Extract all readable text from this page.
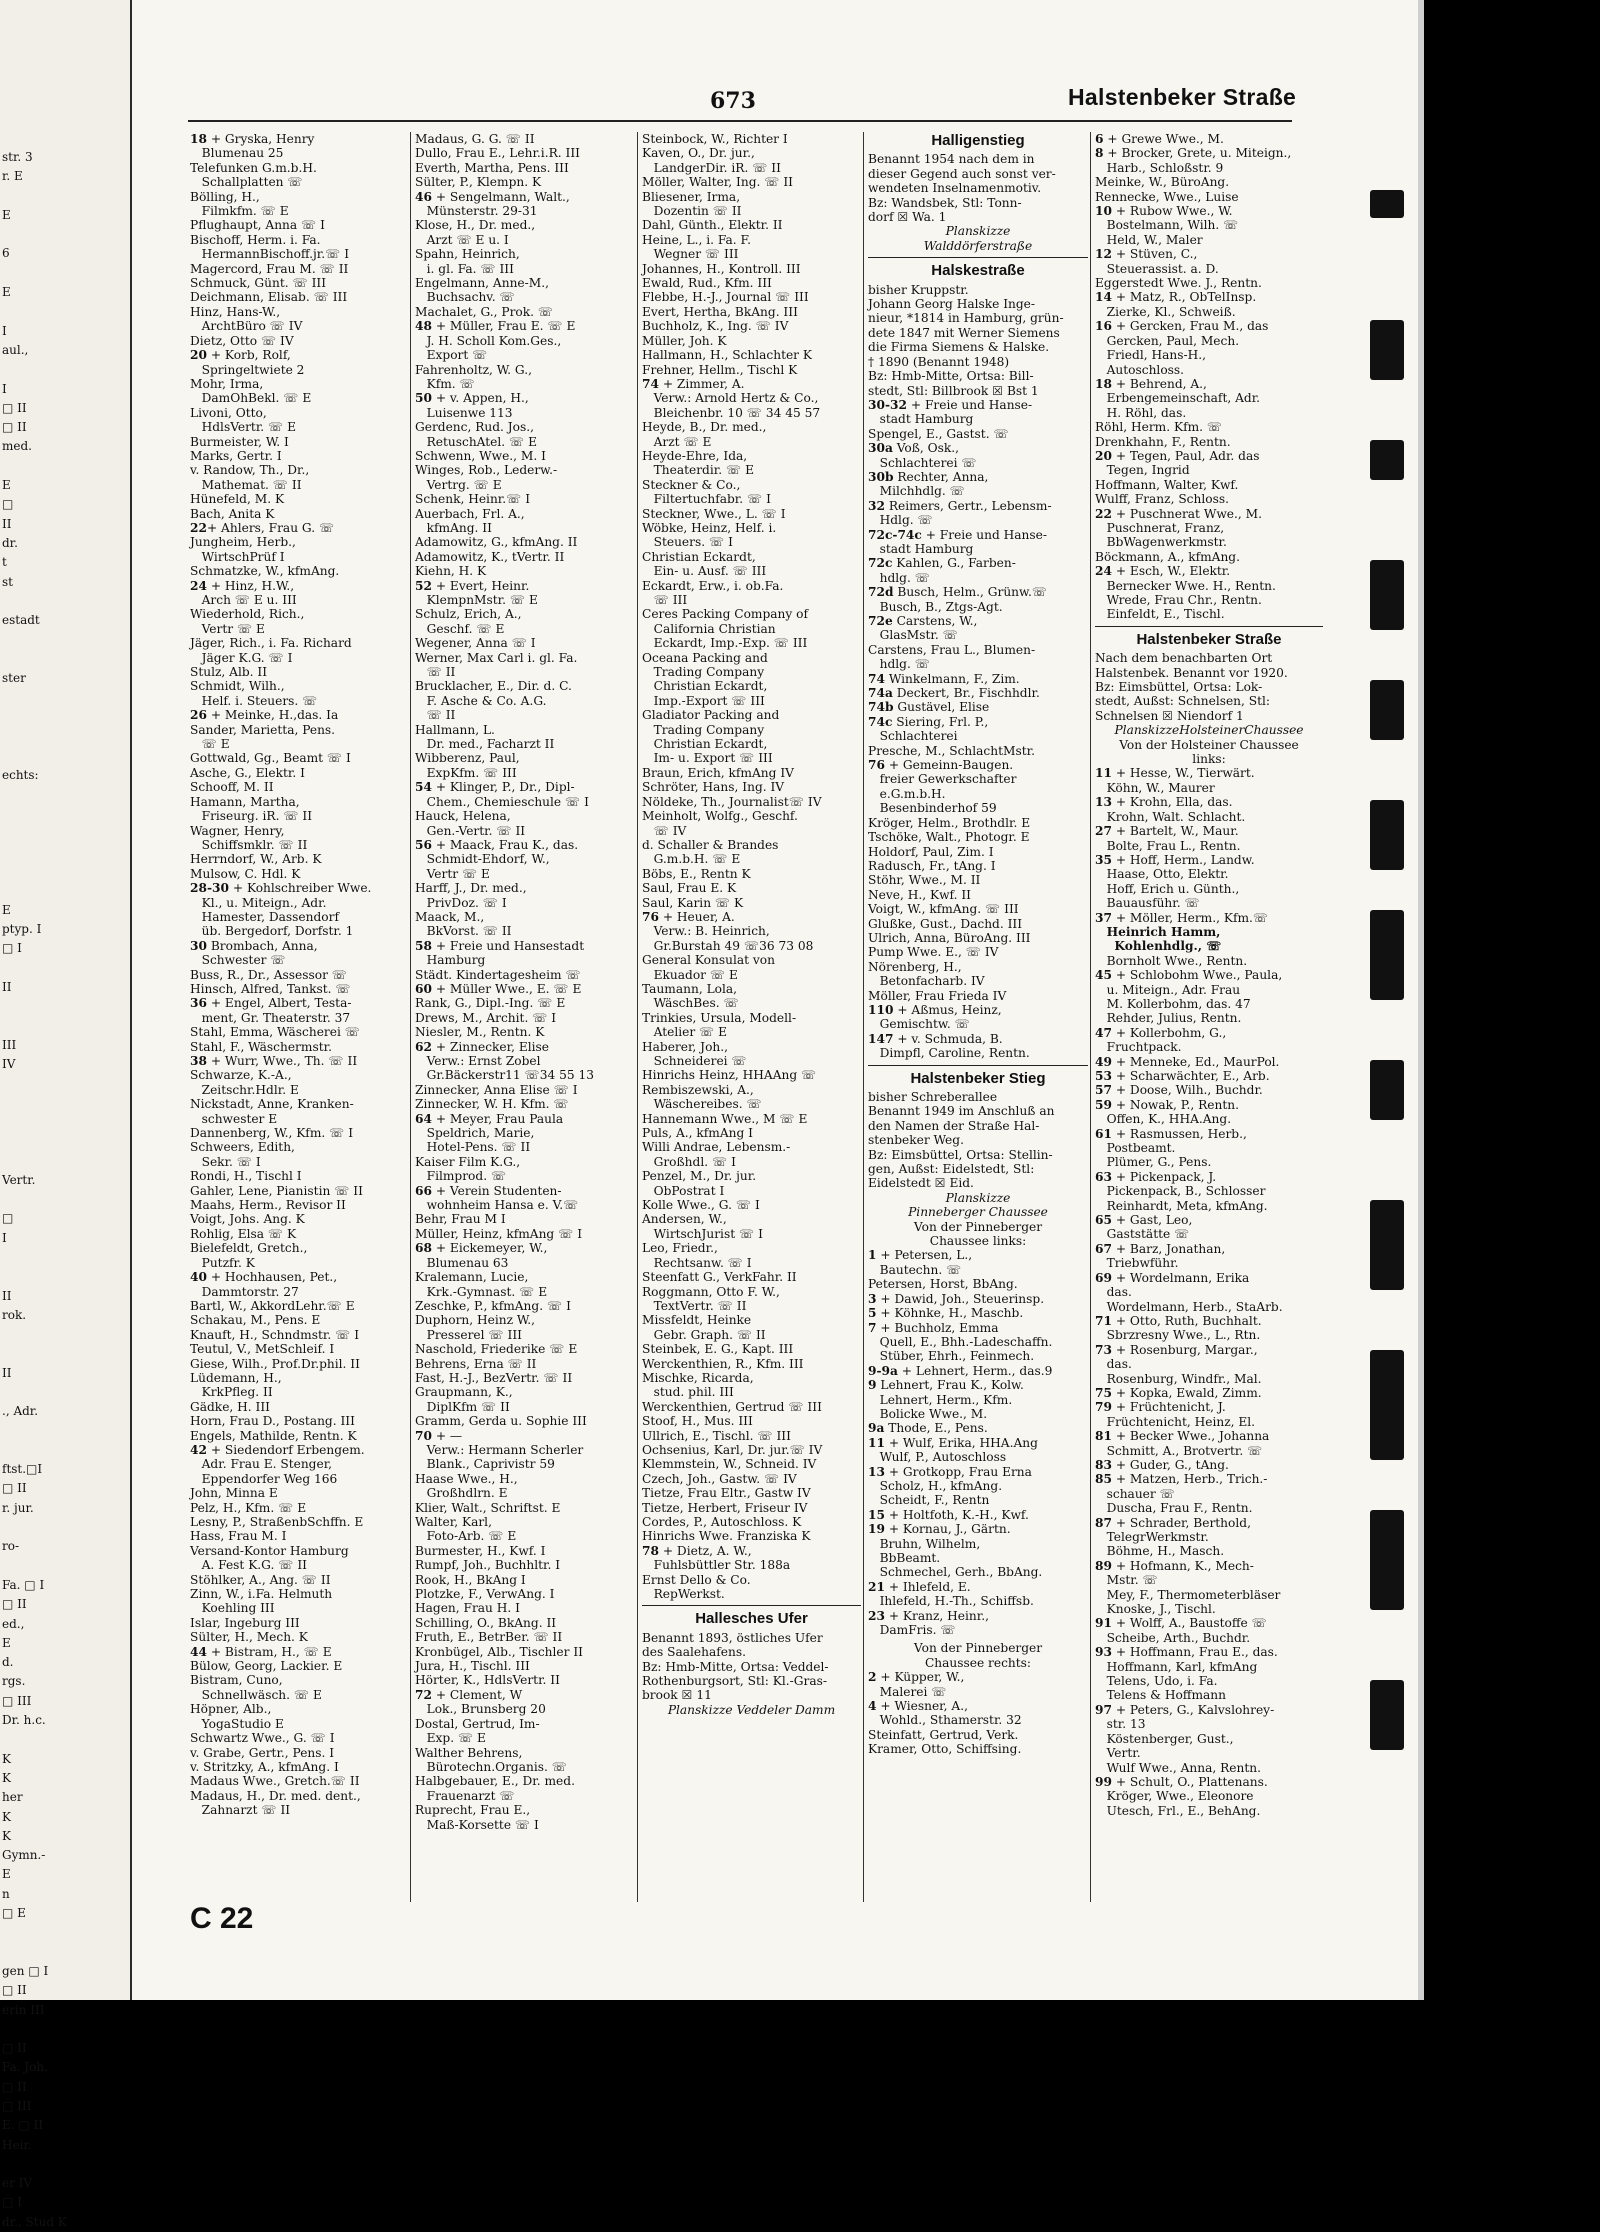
str. 3
r. E

E

6

E

I
aul.,

I
□ II
□ II
med.

E
□
II
dr.
t
st

estadt

ster

echts:

E
ptyp. I
□ I

II

III
IV

Vertr.

□
I

II
rok.

II

., Adr.

ftst.□I
□ II
r. jur.

ro-

Fa. □ I
□ II
ed.,
E
d.
rgs.
□ III
Dr. h.c.

K
K
her
K
K
Gymn.-
E
n
□ E

gen □ I
□ II
erin III

□ II
Fa. Joh.
□ II
□ III
E. □ II
Heir.

er IV
□ I
dr., Stud K
673	Halstenbeker Straße
18 + Gryska, Henry
Blumenau 25
Telefunken G.m.b.H.
Schallplatten ☏
Bölling, H.,
Filmkfm. ☏ E
Pflughaupt, Anna ☏ I
Bischoff, Herm. i. Fa.
HermannBischoff.jr.☏ I
Magercord, Frau M. ☏ II
Schmuck, Günt. ☏ III
Deichmann, Elisab. ☏ III
Hinz, Hans-W.,
ArchtBüro ☏ IV
Dietz, Otto ☏ IV
20 + Korb, Rolf,
Springeltwiete 2
Mohr, Irma,
DamOhBekl. ☏ E
Livoni, Otto,
HdlsVertr. ☏ E
Burmeister, W. I
Marks, Gertr. I
v. Randow, Th., Dr.,
Mathemat. ☏ II
Hünefeld, M. K
Bach, Anita K
22+ Ahlers, Frau G. ☏
Jungheim, Herb.,
WirtschPrüf I
Schmatzke, W., kfmAng.
24 + Hinz, H.W.,
Arch ☏ E u. III
Wiederhold, Rich.,
Vertr ☏ E
Jäger, Rich., i. Fa. Richard
Jäger K.G. ☏ I
Stulz, Alb. II
Schmidt, Wilh.,
Helf. i. Steuers. ☏
26 + Meinke, H.,das. Ia
Sander, Marietta, Pens.
☏ E
Gottwald, Gg., Beamt ☏ I
Asche, G., Elektr. I
Schooff, M. II
Hamann, Martha,
Friseurg. iR. ☏ II
Wagner, Henry,
Schiffsmklr. ☏ II
Herrndorf, W., Arb. K
Mulsow, C. Hdl. K
28-30 + Kohlschreiber Wwe.
Kl., u. Miteign., Adr.
Hamester, Dassendorf
üb. Bergedorf, Dorfstr. 1
30 Brombach, Anna,
Schwester ☏
Buss, R., Dr., Assessor ☏
Hinsch, Alfred, Tankst. ☏
36 + Engel, Albert, Testa-
ment, Gr. Theaterstr. 37
Stahl, Emma, Wäscherei ☏
Stahl, F., Wäschermstr.
38 + Wurr, Wwe., Th. ☏ II
Schwarze, K.-A.,
Zeitschr.Hdlr. E
Nickstadt, Anne, Kranken-
schwester E
Dannenberg, W., Kfm. ☏ I
Schweers, Edith,
Sekr. ☏ I
Rondi, H., Tischl I
Gahler, Lene, Pianistin ☏ II
Maahs, Herm., Revisor II
Voigt, Johs. Ang. K
Rohlig, Elsa ☏ K
Bielefeldt, Gretch.,
Putzfr. K
40 + Hochhausen, Pet.,
Dammtorstr. 27
Bartl, W., AkkordLehr.☏ E
Schakau, M., Pens. E
Knauft, H., Schndmstr. ☏ I
Teutul, V., MetSchleif. I
Giese, Wilh., Prof.Dr.phil. II
Lüdemann, H.,
KrkPfleg. II
Gädke, H. III
Horn, Frau D., Postang. III
Engels, Mathilde, Rentn. K
42 + Siedendorf Erbengem.
Adr. Frau E. Stenger,
Eppendorfer Weg 166
John, Minna E
Pelz, H., Kfm. ☏ E
Lesny, P., StraßenbSchffn. E
Hass, Frau M. I
Versand-Kontor Hamburg
A. Fest K.G. ☏ II
Stöhlker, A., Ang. ☏ II
Zinn, W., i.Fa. Helmuth
Koehling III
Islar, Ingeburg III
Sülter, H., Mech. K
44 + Bistram, H., ☏ E
Bülow, Georg, Lackier. E
Bistram, Cuno,
Schnellwäsch. ☏ E
Höpner, Alb.,
YogaStudio E
Schwartz Wwe., G. ☏ I
v. Grabe, Gertr., Pens. I
v. Stritzky, A., kfmAng. I
Madaus Wwe., Gretch.☏ II
Madaus, H., Dr. med. dent.,
Zahnarzt ☏ II
Madaus, G. G. ☏ II
Dullo, Frau E., Lehr.i.R. III
Everth, Martha, Pens. III
Sülter, P., Klempn. K
46 + Sengelmann, Walt.,
Münsterstr. 29-31
Klose, H., Dr. med.,
Arzt ☏ E u. I
Spahn, Heinrich,
i. gl. Fa. ☏ III
Engelmann, Anne-M.,
Buchsachv. ☏
Machalet, G., Prok. ☏
48 + Müller, Frau E. ☏ E
J. H. Scholl Kom.Ges.,
Export ☏
Fahrenholtz, W. G.,
Kfm. ☏
50 + v. Appen, H.,
Luisenwe 113
Gerdenc, Rud. Jos.,
RetuschAtel. ☏ E
Schwenn, Wwe., M. I
Winges, Rob., Lederw.-
Vertrg. ☏ E
Schenk, Heinr.☏ I
Auerbach, Frl. A.,
kfmAng. II
Adamowitz, G., kfmAng. II
Adamowitz, K., tVertr. II
Kiehn, H. K
52 + Evert, Heinr.
KlempnMstr. ☏ E
Schulz, Erich, A.,
Geschf. ☏ E
Wegener, Anna ☏ I
Werner, Max Carl i. gl. Fa.
☏ II
Brucklacher, E., Dir. d. C.
F. Asche & Co. A.G.
☏ II
Hallmann, L.
Dr. med., Facharzt II
Wibberenz, Paul,
ExpKfm. ☏ III
54 + Klinger, P., Dr., Dipl-
Chem., Chemieschule ☏ I
Hauck, Helena,
Gen.-Vertr. ☏ II
56 + Maack, Frau K., das.
Schmidt-Ehdorf, W.,
Vertr ☏ E
Harff, J., Dr. med.,
PrivDoz. ☏ I
Maack, M.,
BkVorst. ☏ II
58 + Freie und Hansestadt
Hamburg
Städt. Kindertagesheim ☏
60 + Müller Wwe., E. ☏ E
Rank, G., Dipl.-Ing. ☏ E
Drews, M., Archit. ☏ I
Niesler, M., Rentn. K
62 + Zinnecker, Elise
Verw.: Ernst Zobel
Gr.Bäckerstr11 ☏34 55 13
Zinnecker, Anna Elise ☏ I
Zinnecker, W. H. Kfm. ☏
64 + Meyer, Frau Paula
Speldrich, Marie,
Hotel-Pens. ☏ II
Kaiser Film K.G.,
Filmprod. ☏
66 + Verein Studenten-
wohnheim Hansa e. V.☏
Behr, Frau M I
Müller, Heinz, kfmAng ☏ I
68 + Eickemeyer, W.,
Blumenau 63
Kralemann, Lucie,
Krk.-Gymnast. ☏ E
Zeschke, P., kfmAng. ☏ I
Duphorn, Heinz W.,
Presserel ☏ III
Naschold, Friederike ☏ E
Behrens, Erna ☏ II
Fast, H.-J., BezVertr. ☏ II
Graupmann, K.,
DiplKfm ☏ II
Gramm, Gerda u. Sophie III
70 + —
Verw.: Hermann Scherler
Blank., Caprivistr 59
Haase Wwe., H.,
Großhdlrn. E
Klier, Walt., Schriftst. E
Walter, Karl,
Foto-Arb. ☏ E
Burmester, H., Kwf. I
Rumpf, Joh., Buchhltr. I
Rook, H., BkAng I
Plotzke, F., VerwAng. I
Hagen, Frau H. I
Schilling, O., BkAng. II
Fruth, E., BetrBer. ☏ II
Kronbügel, Alb., Tischler II
Jura, H., Tischl. III
Hörter, K., HdlsVertr. II
72 + Clement, W
Lok., Brunsberg 20
Dostal, Gertrud, Im-
Exp. ☏ E
Walther Behrens,
Bürotechn.Organis. ☏
Halbgebauer, E., Dr. med.
Frauenarzt ☏
Ruprecht, Frau E.,
Maß-Korsette ☏ I
Steinbock, W., Richter I
Kaven, O., Dr. jur.,
LandgerDir. iR. ☏ II
Möller, Walter, Ing. ☏ II
Bliesener, Irma,
Dozentin ☏ II
Dahl, Günth., Elektr. II
Heine, L., i. Fa. F.
Wegner ☏ III
Johannes, H., Kontroll. III
Ewald, Rud., Kfm. III
Flebbe, H.-J., Journal ☏ III
Evert, Hertha, BkAng. III
Buchholz, K., Ing. ☏ IV
Müller, Joh. K
Hallmann, H., Schlachter K
Frehner, Hellm., Tischl K
74 + Zimmer, A.
Verw.: Arnold Hertz & Co.,
Bleichenbr. 10 ☏ 34 45 57
Heyde, B., Dr. med.,
Arzt ☏ E
Heyde-Ehre, Ida,
Theaterdir. ☏ E
Steckner & Co.,
Filtertuchfabr. ☏ I
Steckner, Wwe., L. ☏ I
Wöbke, Heinz, Helf. i.
Steuers. ☏ I
Christian Eckardt,
Ein- u. Ausf. ☏ III
Eckardt, Erw., i. ob.Fa.
☏ III
Ceres Packing Company of
California Christian
Eckardt, Imp.-Exp. ☏ III
Oceana Packing and
Trading Company
Christian Eckardt,
Imp.-Export ☏ III
Gladiator Packing and
Trading Company
Christian Eckardt,
Im- u. Export ☏ III
Braun, Erich, kfmAng IV
Schröter, Hans, Ing. IV
Nöldeke, Th., Journalist☏ IV
Meinholt, Wolfg., Geschf.
☏ IV
d. Schaller & Brandes
G.m.b.H. ☏ E
Böbs, E., Rentn K
Saul, Frau E. K
Saul, Karin ☏ K
76 + Heuer, A.
Verw.: B. Heinrich,
Gr.Burstah 49 ☏36 73 08
General Konsulat von
Ekuador ☏ E
Taumann, Lola,
WäschBes. ☏
Trinkies, Ursula, Modell-
Atelier ☏ E
Haberer, Joh.,
Schneiderei ☏
Hinrichs Heinz, HHAAng ☏
Rembiszewski, A.,
Wäschereibes. ☏
Hannemann Wwe., M ☏ E
Puls, A., kfmAng I
Willi Andrae, Lebensm.-
Großhdl. ☏ I
Penzel, M., Dr. jur.
ObPostrat I
Kolle Wwe., G. ☏ I
Andersen, W.,
WirtschJurist ☏ I
Leo, Friedr.,
Rechtsanw. ☏ I
Steenfatt G., VerkFahr. II
Roggmann, Otto F. W.,
TextVertr. ☏ II
Missfeldt, Heinke
Gebr. Graph. ☏ II
Steinbek, E. G., Kapt. III
Werckenthien, R., Kfm. III
Mischke, Ricarda,
stud. phil. III
Werckenthien, Gertrud ☏ III
Stoof, H., Mus. III
Ullrich, E., Tischl. ☏ III
Ochsenius, Karl, Dr. jur.☏ IV
Klemmstein, W., Schneid. IV
Czech, Joh., Gastw. ☏ IV
Tietze, Frau Eltr., Gastw IV
Tietze, Herbert, Friseur IV
Cordes, P., Autoschloss. K
Hinrichs Wwe. Franziska K
78 + Dietz, A. W.,
Fuhlsbüttler Str. 188a
Ernst Dello & Co.
RepWerkst.
Hallesches Ufer
Benannt 1893, östliches Ufer
des Saalehafens.
Bz: Hmb-Mitte, Ortsa: Veddel-
Rothenburgsort, Stl: Kl.-Gras-
brook ☒ 11
Planskizze Veddeler Damm
Halligenstieg
Benannt 1954 nach dem in
dieser Gegend auch sonst ver-
wendeten Inselnamenmotiv.
Bz: Wandsbek, Stl: Tonn-
dorf ☒ Wa. 1
Planskizze
Walddörferstraße
Halskestraße
bisher Kruppstr.
Johann Georg Halske Inge-
nieur, *1814 in Hamburg, grün-
dete 1847 mit Werner Siemens
die Firma Siemens & Halske.
† 1890 (Benannt 1948)
Bz: Hmb-Mitte, Ortsa: Bill-
stedt, Stl: Billbrook ☒ Bst 1
30-32 + Freie und Hanse-
stadt Hamburg
Spengel, E., Gastst. ☏
30a Voß, Osk.,
Schlachterei ☏
30b Rechter, Anna,
Milchhdlg. ☏
32 Reimers, Gertr., Lebensm-
Hdlg. ☏
72c-74c + Freie und Hanse-
stadt Hamburg
72c Kahlen, G., Farben-
hdlg. ☏
72d Busch, Helm., Grünw.☏
Busch, B., Ztgs-Agt.
72e Carstens, W.,
GlasMstr. ☏
Carstens, Frau L., Blumen-
hdlg. ☏
74 Winkelmann, F., Zim.
74a Deckert, Br., Fischhdlr.
74b Gustävel, Elise
74c Siering, Frl. P.,
Schlachterei
Presche, M., SchlachtMstr.
76 + Gemeinn-Baugen.
freier Gewerkschafter
e.G.m.b.H.
Besenbinderhof 59
Kröger, Helm., Brothdlr. E
Tschöke, Walt., Photogr. E
Holdorf, Paul, Zim. I
Radusch, Fr., tAng. I
Stöhr, Wwe., M. II
Neve, H., Kwf. II
Voigt, W., kfmAng. ☏ III
Glußke, Gust., Dachd. III
Ulrich, Anna, BüroAng. III
Pump Wwe. E., ☏ IV
Nörenberg, H.,
Betonfacharb. IV
Möller, Frau Frieda IV
110 + Aßmus, Heinz,
Gemischtw. ☏
147 + v. Schmuda, B.
Dimpfl, Caroline, Rentn.
Halstenbeker Stieg
bisher Schreberallee
Benannt 1949 im Anschluß an
den Namen der Straße Hal-
stenbeker Weg.
Bz: Eimsbüttel, Ortsa: Stellin-
gen, Außst: Eidelstedt, Stl:
Eidelstedt ☒ Eid.
Planskizze
Pinneberger Chaussee
Von der Pinneberger
Chaussee links:
1 + Petersen, L.,
Bautechn. ☏
Petersen, Horst, BbAng.
3 + Dawid, Joh., Steuerinsp.
5 + Köhnke, H., Maschb.
7 + Buchholz, Emma
Quell, E., Bhh.-Ladeschaffn.
Stüber, Ehrh., Feinmech.
9-9a + Lehnert, Herm., das.9
9 Lehnert, Frau K., Kolw.
Lehnert, Herm., Kfm.
Bolicke Wwe., M.
9a Thode, E., Pens.
11 + Wulf, Erika, HHA.Ang
Wulf, P., Autoschloss
13 + Grotkopp, Frau Erna
Scholz, H., kfmAng.
Scheidt, F., Rentn
15 + Holtfoth, K.-H., Kwf.
19 + Kornau, J., Gärtn.
Bruhn, Wilhelm,
BbBeamt.
Schmechel, Gerh., BbAng.
21 + Ihlefeld, E.
Ihlefeld, H.-Th., Schiffsb.
23 + Kranz, Heinr.,
DamFris. ☏
Von der Pinneberger
Chaussee rechts:
2 + Küpper, W.,
Malerei ☏
4 + Wiesner, A.,
Wohld., Sthamerstr. 32
Steinfatt, Gertrud, Verk.
Kramer, Otto, Schiffsing.
6 + Grewe Wwe., M.
8 + Brocker, Grete, u. Miteign.,
Harb., Schloßstr. 9
Meinke, W., BüroAng.
Rennecke, Wwe., Luise
10 + Rubow Wwe., W.
Bostelmann, Wilh. ☏
Held, W., Maler
12 + Stüven, C.,
Steuerassist. a. D.
Eggerstedt Wwe. J., Rentn.
14 + Matz, R., ObTelInsp.
Zierke, Kl., Schweiß.
16 + Gercken, Frau M., das
Gercken, Paul, Mech.
Friedl, Hans-H.,
Autoschloss.
18 + Behrend, A.,
Erbengemeinschaft, Adr.
H. Röhl, das.
Röhl, Herm. Kfm. ☏
Drenkhahn, F., Rentn.
20 + Tegen, Paul, Adr. das
Tegen, Ingrid
Hoffmann, Walter, Kwf.
Wulff, Franz, Schloss.
22 + Puschnerat Wwe., M.
Puschnerat, Franz,
BbWagenwerkmstr.
Böckmann, A., kfmAng.
24 + Esch, W., Elektr.
Bernecker Wwe. H., Rentn.
Wrede, Frau Chr., Rentn.
Einfeldt, E., Tischl.
Halstenbeker Straße
Nach dem benachbarten Ort
Halstenbek. Benannt vor 1920.
Bz: Eimsbüttel, Ortsa: Lok-
stedt, Außst: Schnelsen, Stl:
Schnelsen ☒ Niendorf 1
PlanskizzeHolsteinerChaussee
Von der Holsteiner Chaussee
links:
11 + Hesse, W., Tierwärt.
Köhn, W., Maurer
13 + Krohn, Ella, das.
Krohn, Walt. Schlacht.
27 + Bartelt, W., Maur.
Bolte, Frau L., Rentn.
35 + Hoff, Herm., Landw.
Haase, Otto, Elektr.
Hoff, Erich u. Günth.,
Bauausführ. ☏
37 + Möller, Herm., Kfm.☏
Heinrich Hamm,
Kohlenhdlg., ☏
Bornholt Wwe., Rentn.
45 + Schlobohm Wwe., Paula,
u. Miteign., Adr. Frau
M. Kollerbohm, das. 47
Rehder, Julius, Rentn.
47 + Kollerbohm, G.,
Fruchtpack.
49 + Menneke, Ed., MaurPol.
53 + Scharwächter, E., Arb.
57 + Doose, Wilh., Buchdr.
59 + Nowak, P., Rentn.
Offen, K., HHA.Ang.
61 + Rasmussen, Herb.,
Postbeamt.
Plümer, G., Pens.
63 + Pickenpack, J.
Pickenpack, B., Schlosser
Reinhardt, Meta, kfmAng.
65 + Gast, Leo,
Gaststätte ☏
67 + Barz, Jonathan,
Triebwführ.
69 + Wordelmann, Erika
das.
Wordelmann, Herb., StaArb.
71 + Otto, Ruth, Buchhalt.
Sbrzresny Wwe., L., Rtn.
73 + Rosenburg, Margar.,
das.
Rosenburg, Windfr., Mal.
75 + Kopka, Ewald, Zimm.
79 + Früchtenicht, J.
Früchtenicht, Heinz, El.
81 + Becker Wwe., Johanna
Schmitt, A., Brotvertr. ☏
83 + Guder, G., tAng.
85 + Matzen, Herb., Trich.-
schauer ☏
Duscha, Frau F., Rentn.
87 + Schrader, Berthold,
TelegrWerkmstr.
Böhme, H., Masch.
89 + Hofmann, K., Mech-
Mstr. ☏
Mey, F., Thermometerbläser
Knoske, J., Tischl.
91 + Wolff, A., Baustoffe ☏
Scheibe, Arth., Buchdr.
93 + Hoffmann, Frau E., das.
Hoffmann, Karl, kfmAng
Telens, Udo, i. Fa.
Telens & Hoffmann
97 + Peters, G., Kalvslohrey-
str. 13
Köstenberger, Gust.,
Vertr.
Wulf Wwe., Anna, Rentn.
99 + Schult, O., Plattenans.
Kröger, Wwe., Eleonore
Utesch, Frl., E., BehAng.
C 22
